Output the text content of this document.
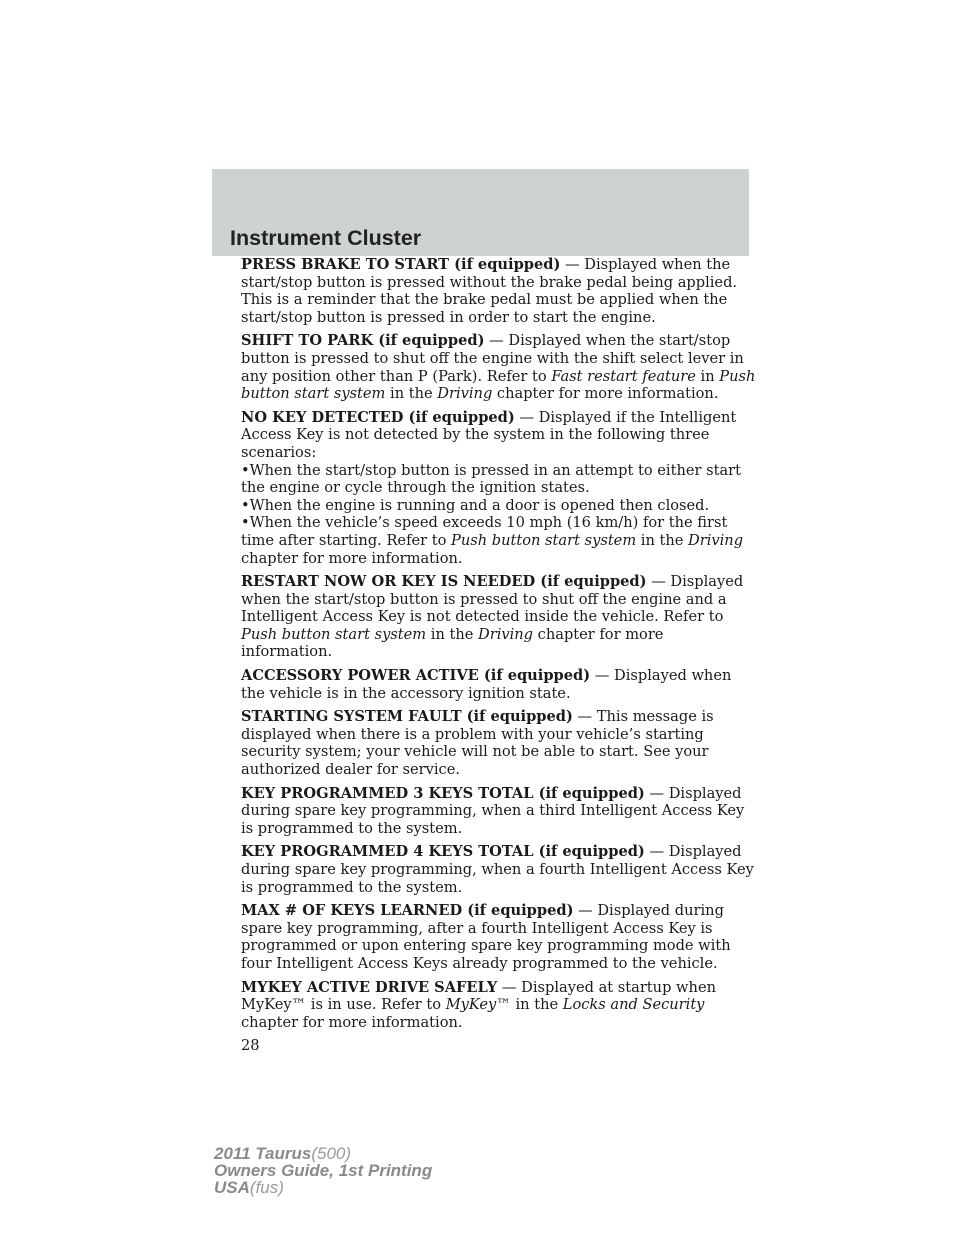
Instrument Cluster

PRESS BRAKE TO START (if equipped) — Displayed when the start/stop button is pressed without the brake pedal being applied. This is a reminder that the brake pedal must be applied when the start/stop button is pressed in order to start the engine.

SHIFT TO PARK (if equipped) — Displayed when the start/stop button is pressed to shut off the engine with the shift select lever in any position other than P (Park). Refer to Fast restart feature in Push button start system in the Driving chapter for more information.

NO KEY DETECTED (if equipped) — Displayed if the Intelligent Access Key is not detected by the system in the following three scenarios:
•When the start/stop button is pressed in an attempt to either start the engine or cycle through the ignition states.
•When the engine is running and a door is opened then closed.
•When the vehicle’s speed exceeds 10 mph (16 km/h) for the first time after starting. Refer to Push button start system in the Driving chapter for more information.

RESTART NOW OR KEY IS NEEDED (if equipped) — Displayed when the start/stop button is pressed to shut off the engine and a Intelligent Access Key is not detected inside the vehicle. Refer to Push button start system in the Driving chapter for more information.

ACCESSORY POWER ACTIVE (if equipped) — Displayed when the vehicle is in the accessory ignition state.

STARTING SYSTEM FAULT (if equipped) — This message is displayed when there is a problem with your vehicle’s starting security system; your vehicle will not be able to start. See your authorized dealer for service.

KEY PROGRAMMED 3 KEYS TOTAL (if equipped) — Displayed during spare key programming, when a third Intelligent Access Key is programmed to the system.

KEY PROGRAMMED 4 KEYS TOTAL (if equipped) — Displayed during spare key programming, when a fourth Intelligent Access Key is programmed to the system.

MAX # OF KEYS LEARNED (if equipped) — Displayed during spare key programming, after a fourth Intelligent Access Key is programmed or upon entering spare key programming mode with four Intelligent Access Keys already programmed to the vehicle.

MYKEY ACTIVE DRIVE SAFELY — Displayed at startup when MyKey™ is in use. Refer to MyKey™ in the Locks and Security chapter for more information.

28
2011 Taurus(500)
Owners Guide, 1st Printing
USA(fus)
